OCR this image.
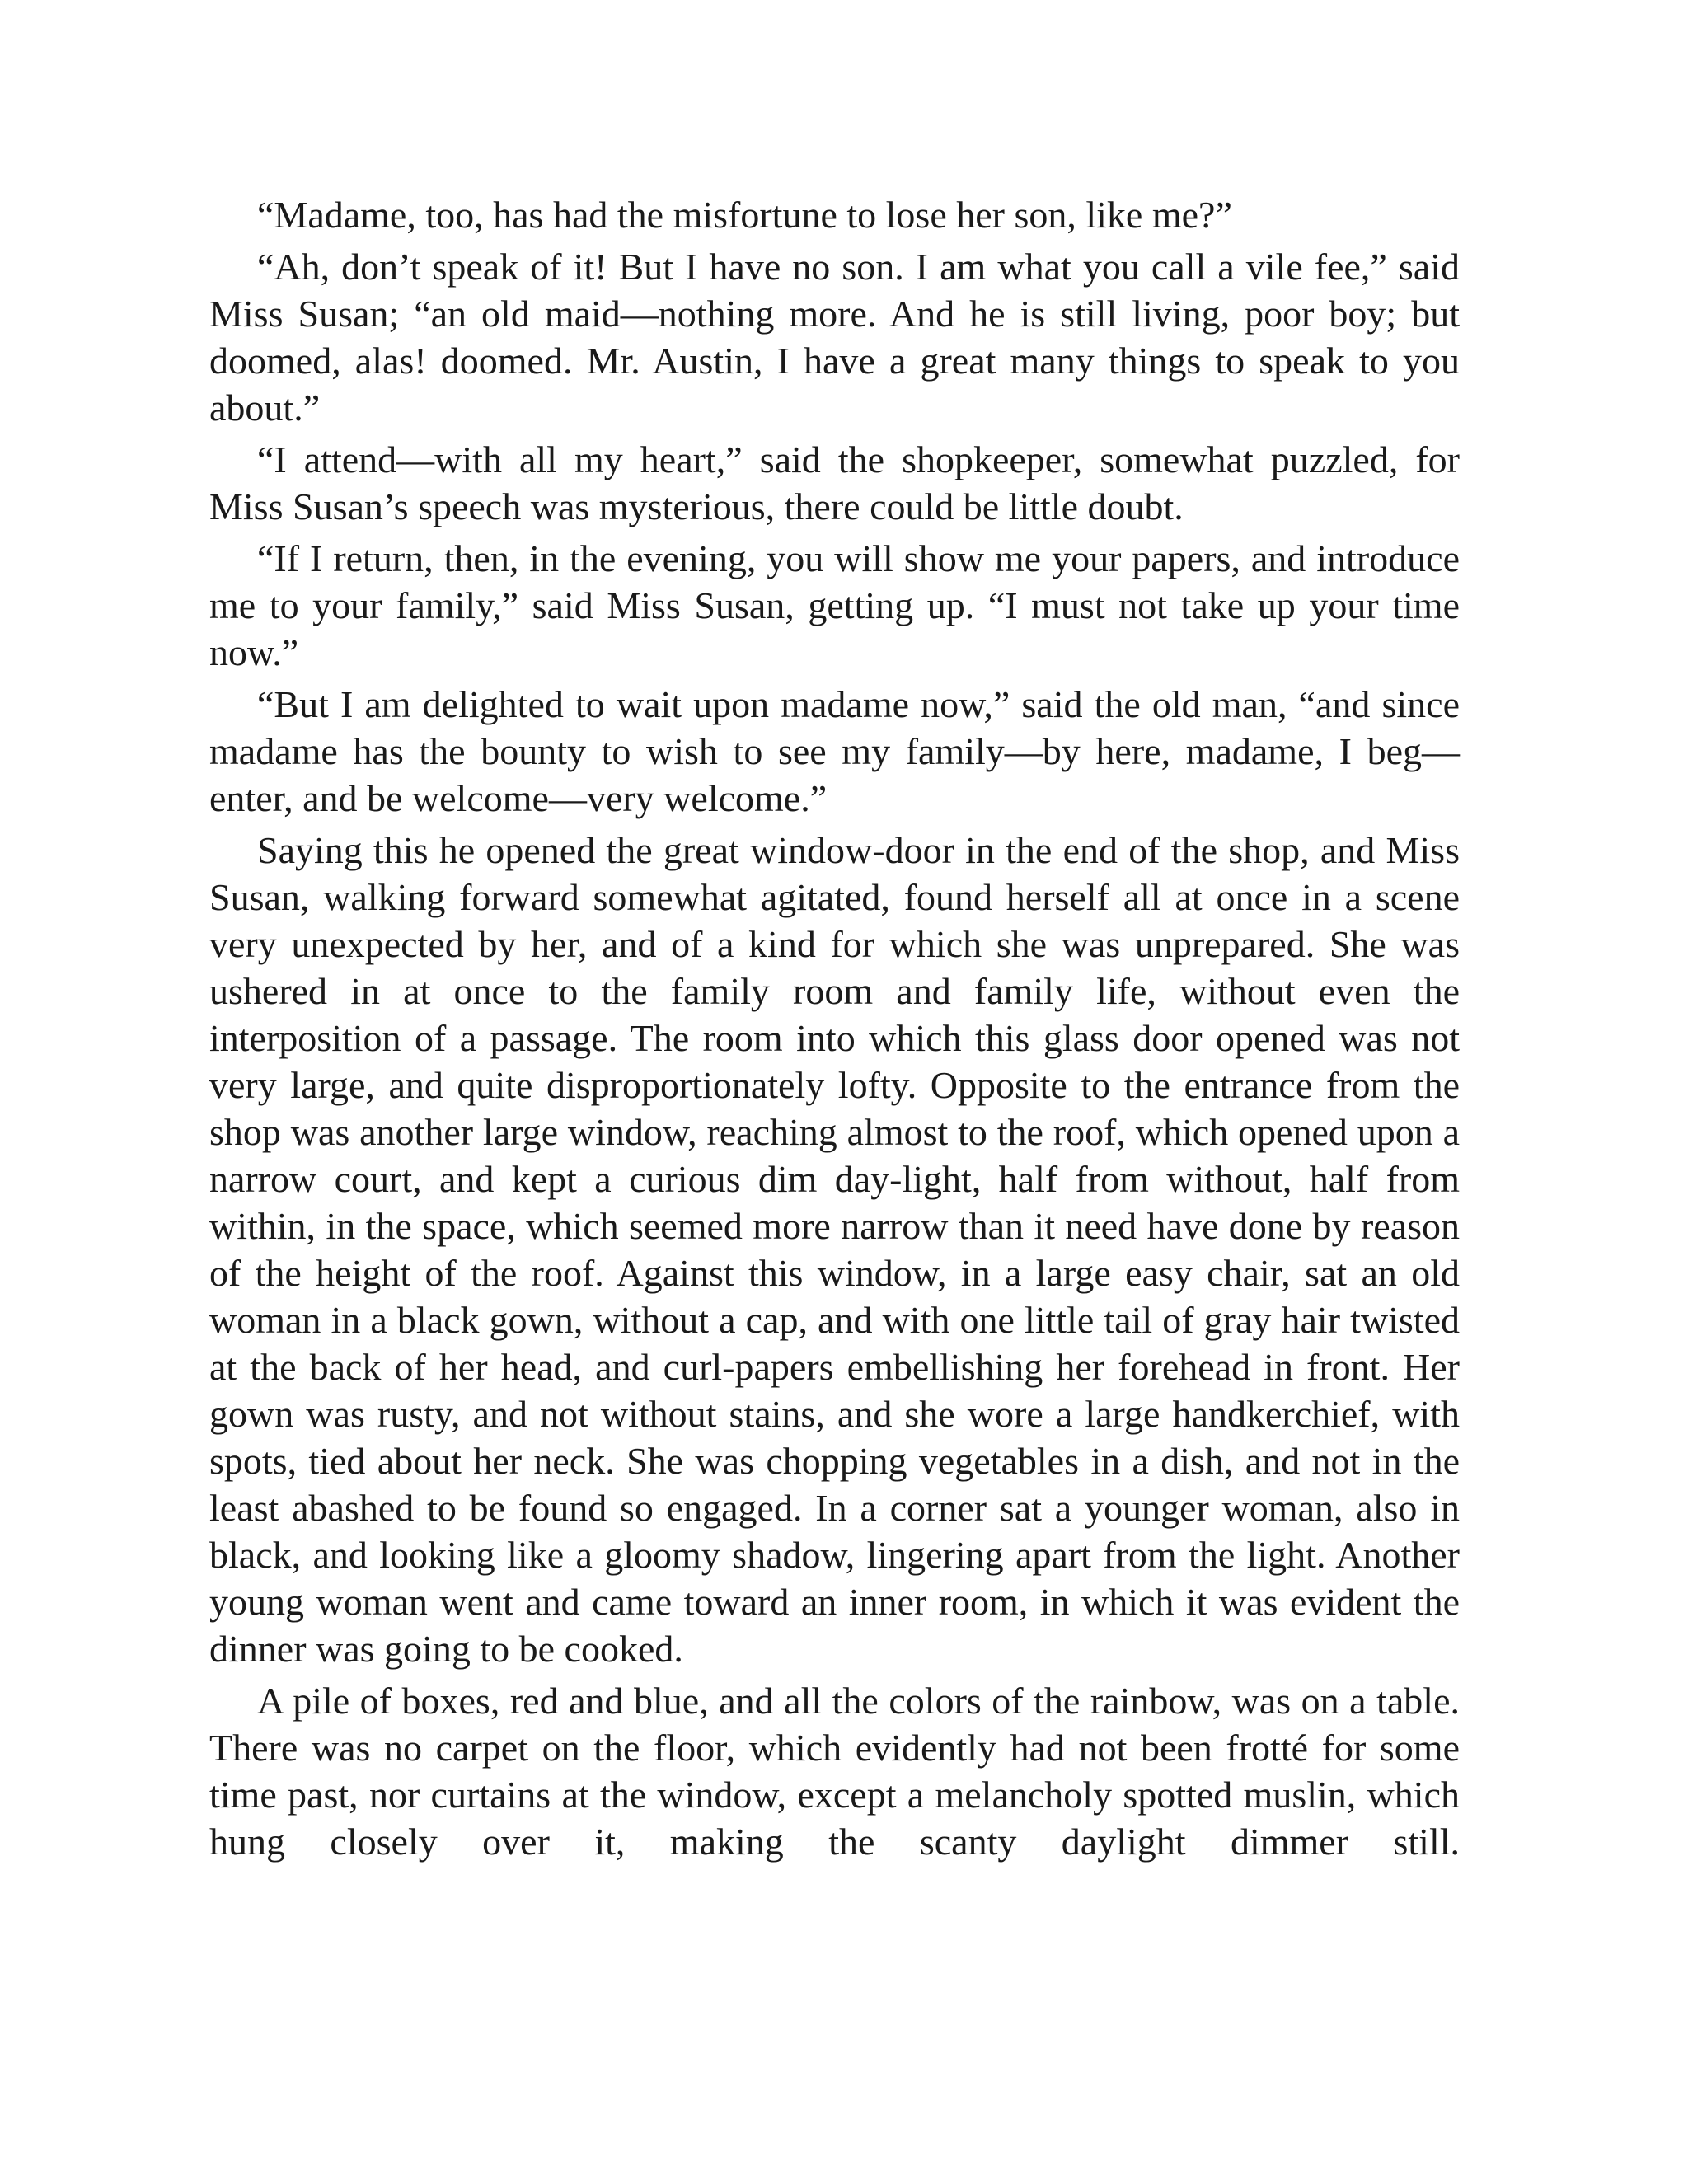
“Madame, too, has had the misfortune to lose her son, like me?”

“Ah, don’t speak of it! But I have no son. I am what you call a vile fee,” said Miss Susan; “an old maid—nothing more. And he is still living, poor boy; but doomed, alas! doomed. Mr. Austin, I have a great many things to speak to you about.”

“I attend—with all my heart,” said the shopkeeper, somewhat puzzled, for Miss Susan’s speech was mysterious, there could be little doubt.

“If I return, then, in the evening, you will show me your papers, and introduce me to your family,” said Miss Susan, getting up. “I must not take up your time now.”

“But I am delighted to wait upon madame now,” said the old man, “and since madame has the bounty to wish to see my family—by here, madame, I beg—enter, and be welcome—very welcome.”

Saying this he opened the great window-door in the end of the shop, and Miss Susan, walking forward somewhat agitated, found herself all at once in a scene very unexpected by her, and of a kind for which she was unprepared. She was ushered in at once to the family room and family life, without even the interposition of a passage. The room into which this glass door opened was not very large, and quite disproportionately lofty. Opposite to the entrance from the shop was another large window, reaching almost to the roof, which opened upon a narrow court, and kept a curious dim day-light, half from without, half from within, in the space, which seemed more narrow than it need have done by reason of the height of the roof. Against this window, in a large easy chair, sat an old woman in a black gown, without a cap, and with one little tail of gray hair twisted at the back of her head, and curl-papers embellishing her forehead in front. Her gown was rusty, and not without stains, and she wore a large handkerchief, with spots, tied about her neck. She was chopping vegetables in a dish, and not in the least abashed to be found so engaged. In a corner sat a younger woman, also in black, and looking like a gloomy shadow, lingering apart from the light. Another young woman went and came toward an inner room, in which it was evident the dinner was going to be cooked.

A pile of boxes, red and blue, and all the colors of the rainbow, was on a table. There was no carpet on the floor, which evidently had not been frotté for some time past, nor curtains at the window, except a melancholy spotted muslin, which hung closely over it, making the scanty daylight dimmer still.
